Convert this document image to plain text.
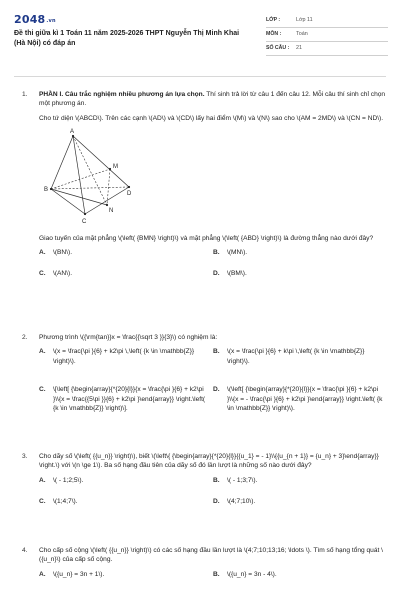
2048.vn
Đề thi giữa kì 1 Toán 11 năm 2025-2026 THPT Nguyễn Thị Minh Khai (Hà Nội) có đáp án
LỚP :	Lớp 11
MÔN :	Toán
SỐ CÂU :	21
1.	PHẦN I. Câu trắc nghiệm nhiều phương án lựa chọn. Thí sinh trả lời từ câu 1 đến câu 12. Mỗi câu thí sinh chỉ chọn một phương án.

Cho tứ diện \(ABCD\). Trên các cạnh \(AD\) và \(CD\) lấy hai điểm \(M\) và \(N\) sao cho \(AM = 2MD\) và \(CN = ND\).

A
B
C
D
M
N

Giao tuyến của mặt phẳng \(\left( {BMN} \right)\) và mặt phẳng \(\left( {ABD} \right)\) là đường thẳng nào dưới đây?

A.	\(BN\).	B.	\(MN\).
C.	\(AN\).	D.	\(BM\).
2.	Phương trình \({\rm{tan}}x = \frac{{\sqrt 3 }}{3}\) có nghiệm là:

A.	\(x = \frac{\pi }{6} + k2\pi \,\left( {k \in \mathbb{Z}} \right)\).
B.	\(x = \frac{\pi }{6} + k\pi \,\left( {k \in \mathbb{Z}} \right)\).
C.	\[\left[ {\begin{array}{*{20}{l}}{x = \frac{\pi }{6} + k2\pi }\\{x = \frac{{5\pi }}{6} + k2\pi }\end{array}} \right.\left( {k \in \mathbb{Z}} \right)\].
D.	\(\left[ {\begin{array}{*{20}{l}}{x = \frac{\pi }{6} + k2\pi }\\{x = - \frac{\pi }{6} + k2\pi }\end{array}} \right.\left( {k \in \mathbb{Z}} \right)\).
3.	Cho dãy số \(\left( {{u_n}} \right)\), biết \(\left\{ {\begin{array}{*{20}{l}}{{u_1} = - 1}\\{{u_{n + 1}} = {u_n} + 3}\end{array}} \right.\) với \(n \ge 1\). Ba số hạng đầu tiên của dãy số đó lần lượt là những số nào dưới đây?

A.	\( - 1;2;5\).	B.	\( - 1;3;7\).
C.	\(1;4;7\).	D.	\(4;7;10\).
4.	Cho cấp số cộng \(\left( {{u_n}} \right)\) có các số hạng đầu lần lượt là \(4;7;10;13;16; \ldots \). Tìm số hạng tổng quát \({u_n}\) của cấp số cộng.

A.	\({u_n} = 3n + 1\).	B.	\({u_n} = 3n - 4\).
